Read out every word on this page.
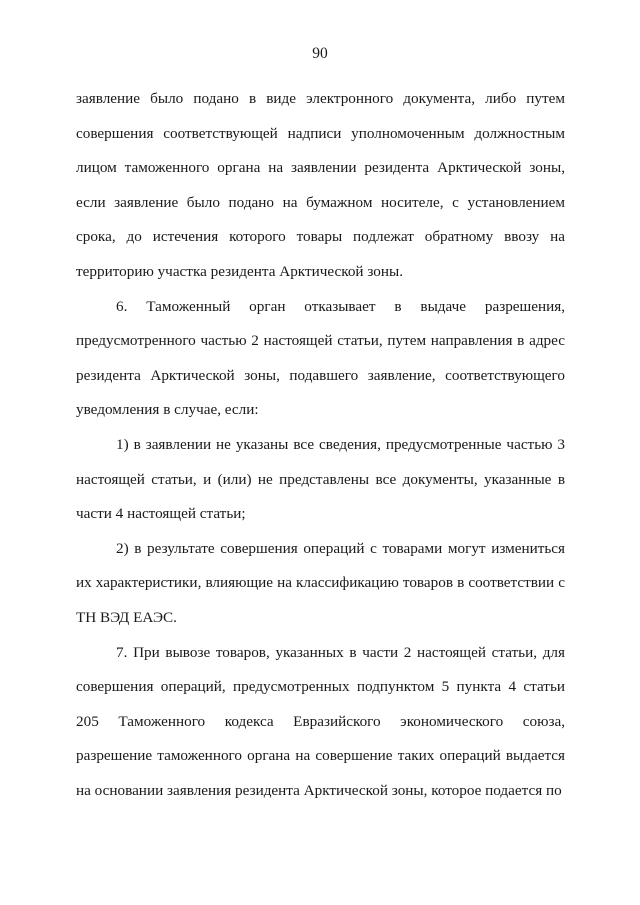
90

заявление было подано в виде электронного документа, либо путем совершения соответствующей надписи уполномоченным должностным лицом таможенного органа на заявлении резидента Арктической зоны, если заявление было подано на бумажном носителе, с установлением срока, до истечения которого товары подлежат обратному ввозу на территорию участка резидента Арктической зоны.

6. Таможенный орган отказывает в выдаче разрешения, предусмотренного частью 2 настоящей статьи, путем направления в адрес резидента Арктической зоны, подавшего заявление, соответствующего уведомления в случае, если:

1) в заявлении не указаны все сведения, предусмотренные частью 3 настоящей статьи, и (или) не представлены все документы, указанные в части 4 настоящей статьи;

2) в результате совершения операций с товарами могут измениться их характеристики, влияющие на классификацию товаров в соответствии с ТН ВЭД ЕАЭС.

7. При вывозе товаров, указанных в части 2 настоящей статьи, для совершения операций, предусмотренных подпунктом 5 пункта 4 статьи 205 Таможенного кодекса Евразийского экономического союза, разрешение таможенного органа на совершение таких операций выдается на основании заявления резидента Арктической зоны, которое подается по
